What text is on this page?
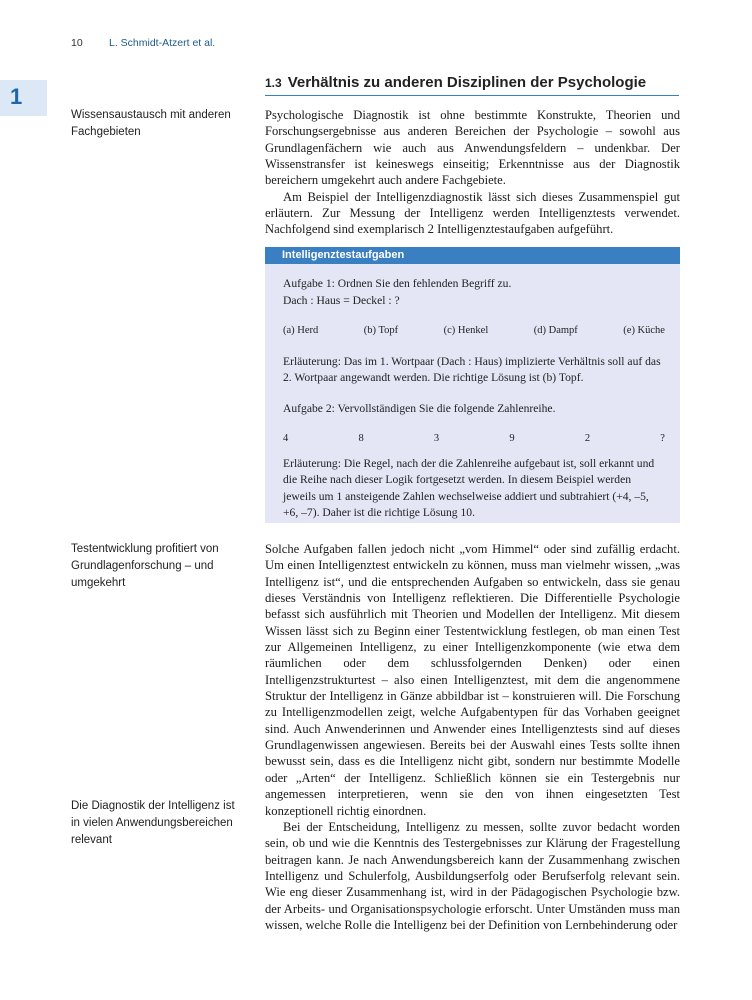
10	L. Schmidt-Atzert et al.
1
1.3 Verhältnis zu anderen Disziplinen der Psychologie
Wissensaustausch mit anderen Fachgebieten
Testentwicklung profitiert von Grundlagenforschung – und umgekehrt
Die Diagnostik der Intelligenz ist in vielen Anwendungsbereichen relevant

Psychologische Diagnostik ist ohne bestimmte Konstrukte, Theorien und Forschungsergebnisse aus anderen Bereichen der Psychologie – sowohl aus Grundlagenfächern wie auch aus Anwendungsfeldern – undenkbar. Der Wissenstransfer ist keineswegs einseitig; Erkenntnisse aus der Diagnostik bereichern umgekehrt auch andere Fachgebiete.

Am Beispiel der Intelligenzdiagnostik lässt sich dieses Zusammenspiel gut erläutern. Zur Messung der Intelligenz werden Intelligenztests verwendet. Nachfolgend sind exemplarisch 2 Intelligenztestaufgaben aufgeführt.

Intelligenztestaufgaben

Aufgabe 1: Ordnen Sie den fehlenden Begriff zu.

Dach : Haus = Deckel : ?

(a) Herd	(b) Topf	(c) Henkel	(d) Dampf	(e) Küche

Erläuterung: Das im 1. Wortpaar (Dach : Haus) implizierte Verhältnis soll auf das 2. Wortpaar angewandt werden. Die richtige Lösung ist (b) Topf.

Aufgabe 2: Vervollständigen Sie die folgende Zahlenreihe.

4	8	3	9	2	?

Erläuterung: Die Regel, nach der die Zahlenreihe aufgebaut ist, soll erkannt und die Reihe nach dieser Logik fortgesetzt werden. In diesem Beispiel werden jeweils um 1 ansteigende Zahlen wechselweise addiert und subtrahiert (+4, –5, +6, –7). Daher ist die richtige Lösung 10.

Solche Aufgaben fallen jedoch nicht „vom Himmel“ oder sind zufällig erdacht. Um einen Intelligenztest entwickeln zu können, muss man vielmehr wissen, „was Intelligenz ist“, und die entsprechenden Aufgaben so entwickeln, dass sie genau dieses Verständnis von Intelligenz reflektieren. Die Differentielle Psychologie befasst sich ausführlich mit Theorien und Modellen der Intelligenz. Mit diesem Wissen lässt sich zu Beginn einer Testentwicklung festlegen, ob man einen Test zur Allgemeinen Intelligenz, zu einer Intelligenzkomponente (wie etwa dem räumlichen oder dem schlussfolgernden Denken) oder einen Intelligenzstrukturtest – also einen Intelligenztest, mit dem die angenommene Struktur der Intelligenz in Gänze abbildbar ist – konstruieren will. Die Forschung zu Intelligenzmodellen zeigt, welche Aufgabentypen für das Vorhaben geeignet sind. Auch Anwenderinnen und Anwender eines Intelligenztests sind auf dieses Grundlagenwissen angewiesen. Bereits bei der Auswahl eines Tests sollte ihnen bewusst sein, dass es die Intelligenz nicht gibt, sondern nur bestimmte Modelle oder „Arten“ der Intelligenz. Schließlich können sie ein Testergebnis nur angemessen interpretieren, wenn sie den von ihnen eingesetzten Test konzeptionell richtig einordnen.

Bei der Entscheidung, Intelligenz zu messen, sollte zuvor bedacht worden sein, ob und wie die Kenntnis des Testergebnisses zur Klärung der Fragestellung beitragen kann. Je nach Anwendungsbereich kann der Zusammenhang zwischen Intelligenz und Schulerfolg, Ausbildungserfolg oder Berufserfolg relevant sein. Wie eng dieser Zusammenhang ist, wird in der Pädagogischen Psychologie bzw. der Arbeits- und Organisationspsychologie erforscht. Unter Umständen muss man wissen, welche Rolle die Intelligenz bei der Definition von Lernbehinderung oder
